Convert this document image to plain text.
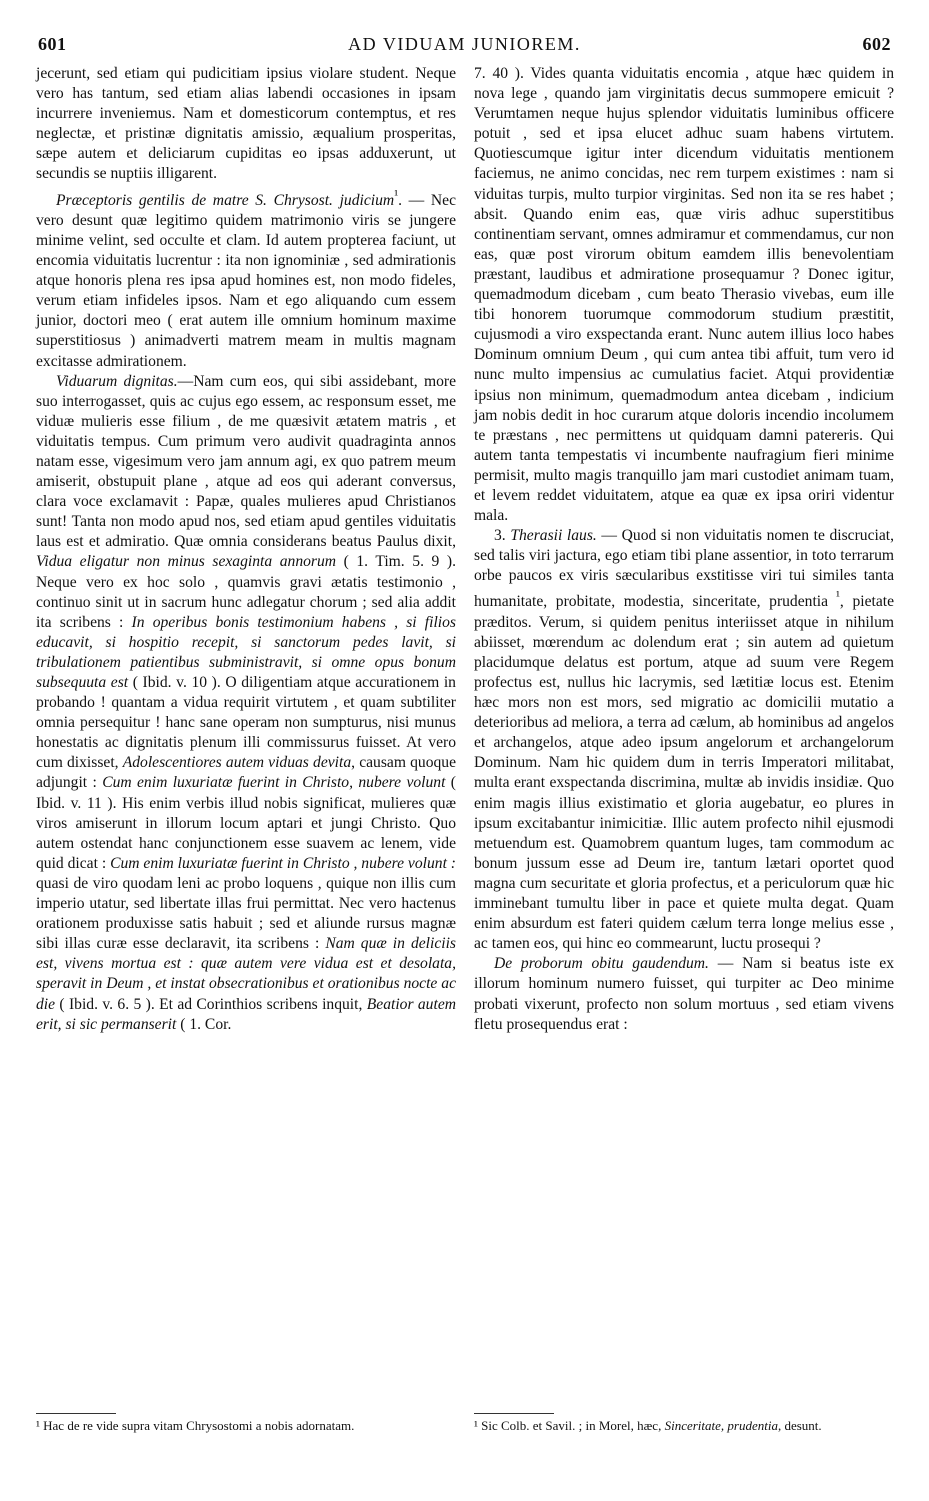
601	AD VIDUAM JUNIOREM.	602

jecerunt, sed etiam qui pudicitiam ipsius violare student. Neque vero has tantum, sed etiam alias labendi occasiones in ipsam incurrere inveniemus. Nam et domesticorum contemptus, et res neglectæ, et pristinæ dignitatis amissio, æqualium prosperitas, sæpe autem et deliciarum cupiditas eo ipsas adduxerunt, ut secundis se nuptiis illigarent.

Præceptoris gentilis de matre S. Chrysost. judicium$^{^1}$. — Nec vero desunt quæ legitimo quidem matrimonio viris se jungere minime velint, sed occulte et clam. Id autem propterea faciunt, ut encomia viduitatis lucrentur : ita non ignominiæ , sed admirationis atque honoris plena res ipsa apud homines est, non modo fideles, verum etiam infideles ipsos. Nam et ego aliquando cum essem junior, doctori meo ( erat autem ille omnium hominum maxime superstitiosus ) animadverti matrem meam in multis magnam excitasse admirationem.

Viduarum dignitas.—Nam cum eos, qui sibi assidebant, more suo interrogasset, quis ac cujus ego essem, ac responsum esset, me viduæ mulieris esse filium , de me quæsivit ætatem matris , et viduitatis tempus. Cum primum vero audivit quadraginta annos natam esse, vigesimum vero jam annum agi, ex quo patrem meum amiserit, obstupuit plane , atque ad eos qui aderant conversus, clara voce exclamavit : Papæ, quales mulieres apud Christianos sunt! Tanta non modo apud nos, sed etiam apud gentiles viduitatis laus est et admiratio. Quæ omnia considerans beatus Paulus dixit, Vidua eligatur non minus sexaginta annorum ( 1. Tim. 5. 9 ). Neque vero ex hoc solo , quamvis gravi ætatis testimonio , continuo sinit ut in sacrum hunc adlegatur chorum ; sed alia addit ita scribens : In operibus bonis testimonium habens , si filios educavit, si hospitio recepit, si sanctorum pedes lavit, si tribulationem patientibus subministravit, si omne opus bonum subsequuta est ( Ibid. v. 10 ). O diligentiam atque accurationem in probando ! quantam a vidua requirit virtutem , et quam subtiliter omnia persequitur ! hanc sane operam non sumpturus, nisi munus honestatis ac dignitatis plenum illi commissurus fuisset. At vero cum dixisset, Adolescentiores autem viduas devita, causam quoque adjungit : Cum enim luxuriatæ fuerint in Christo, nubere volunt ( Ibid. v. 11 ). His enim verbis illud nobis significat, mulieres quæ viros amiserunt in illorum locum aptari et jungi Christo. Quo autem ostendat hanc conjunctionem esse suavem ac lenem, vide quid dicat : Cum enim luxuriatæ fuerint in Christo , nubere volunt : quasi de viro quodam leni ac probo loquens , quique non illis cum imperio utatur, sed libertate illas frui permittat. Nec vero hactenus orationem produxisse satis habuit ; sed et aliunde rursus magnæ sibi illas curæ esse declaravit, ita scribens : Nam quæ in deliciis est, vivens mortua est : quæ autem vere vidua est et desolata, speravit in Deum , et instat obsecrationibus et orationibus nocte ac die ( Ibid. v. 6. 5 ). Et ad Corinthios scribens inquit, Beatior autem erit, si sic permanserit ( 1. Cor.

7. 40 ). Vides quanta viduitatis encomia , atque hæc quidem in nova lege , quando jam virginitatis decus summopere emicuit ? Verumtamen neque hujus splendor viduitatis luminibus officere potuit , sed et ipsa elucet adhuc suam habens virtutem. Quotiescumque igitur inter dicendum viduitatis mentionem faciemus, ne animo concidas, nec rem turpem existimes : nam si viduitas turpis, multo turpior virginitas. Sed non ita se res habet ; absit. Quando enim eas, quæ viris adhuc superstitibus continentiam servant, omnes admiramur et commendamus, cur non eas, quæ post virorum obitum eamdem illis benevolentiam præstant, laudibus et admiratione prosequamur ? Donec igitur, quemadmodum dicebam , cum beato Therasio vivebas, eum ille tibi honorem tuorumque commodorum studium præstitit, cujusmodi a viro exspectanda erant. Nunc autem illius loco habes Dominum omnium Deum , qui cum antea tibi affuit, tum vero id nunc multo impensius ac cumulatius faciet. Atqui providentiæ ipsius non minimum, quemadmodum antea dicebam , indicium jam nobis dedit in hoc curarum atque doloris incendio incolumem te præstans , nec permittens ut quidquam damni patereris. Qui autem tanta tempestatis vi incumbente naufragium fieri minime permisit, multo magis tranquillo jam mari custodiet animam tuam, et levem reddet viduitatem, atque ea quæ ex ipsa oriri videntur mala.

3. Therasii laus. — Quod si non viduitatis nomen te discruciat, sed talis viri jactura, ego etiam tibi plane assentior, in toto terrarum orbe paucos ex viris sæcularibus exstitisse viri tui similes tanta humanitate, probitate, modestia, sinceritate, prudentia $^{^1}$, pietate præditos. Verum, si quidem penitus interiisset atque in nihilum abiisset, mœrendum ac dolendum erat ; sin autem ad quietum placidumque delatus est portum, atque ad suum vere Regem profectus est, nullus hic lacrymis, sed lætitiæ locus est. Etenim hæc mors non est mors, sed migratio ac domicilii mutatio a deterioribus ad meliora, a terra ad cælum, ab hominibus ad angelos et archangelos, atque adeo ipsum angelorum et archangelorum Dominum. Nam hic quidem dum in terris Imperatori militabat, multa erant exspectanda discrimina, multæ ab invidis insidiæ. Quo enim magis illius existimatio et gloria augebatur, eo plures in ipsum excitabantur inimicitiæ. Illic autem profecto nihil ejusmodi metuendum est. Quamobrem quantum luges, tam commodum ac bonum jussum esse ad Deum ire, tantum lætari oportet quod magna cum securitate et gloria profectus, et a periculorum quæ hic imminebant tumultu liber in pace et quiete multa degat. Quam enim absurdum est fateri quidem cælum terra longe melius esse , ac tamen eos, qui hinc eo commearunt, luctu prosequi ?

De proborum obitu gaudendum. — Nam si beatus iste ex illorum hominum numero fuisset, qui turpiter ac Deo minime probati vixerunt, profecto non solum mortuus , sed etiam vivens fletu prosequendus erat :

¹ Hac de re vide supra vitam Chrysostomi a nobis adornatam.	¹ Sic Colb. et Savil. ; in Morel, hæc, Sinceritate, prudentia, desunt.
